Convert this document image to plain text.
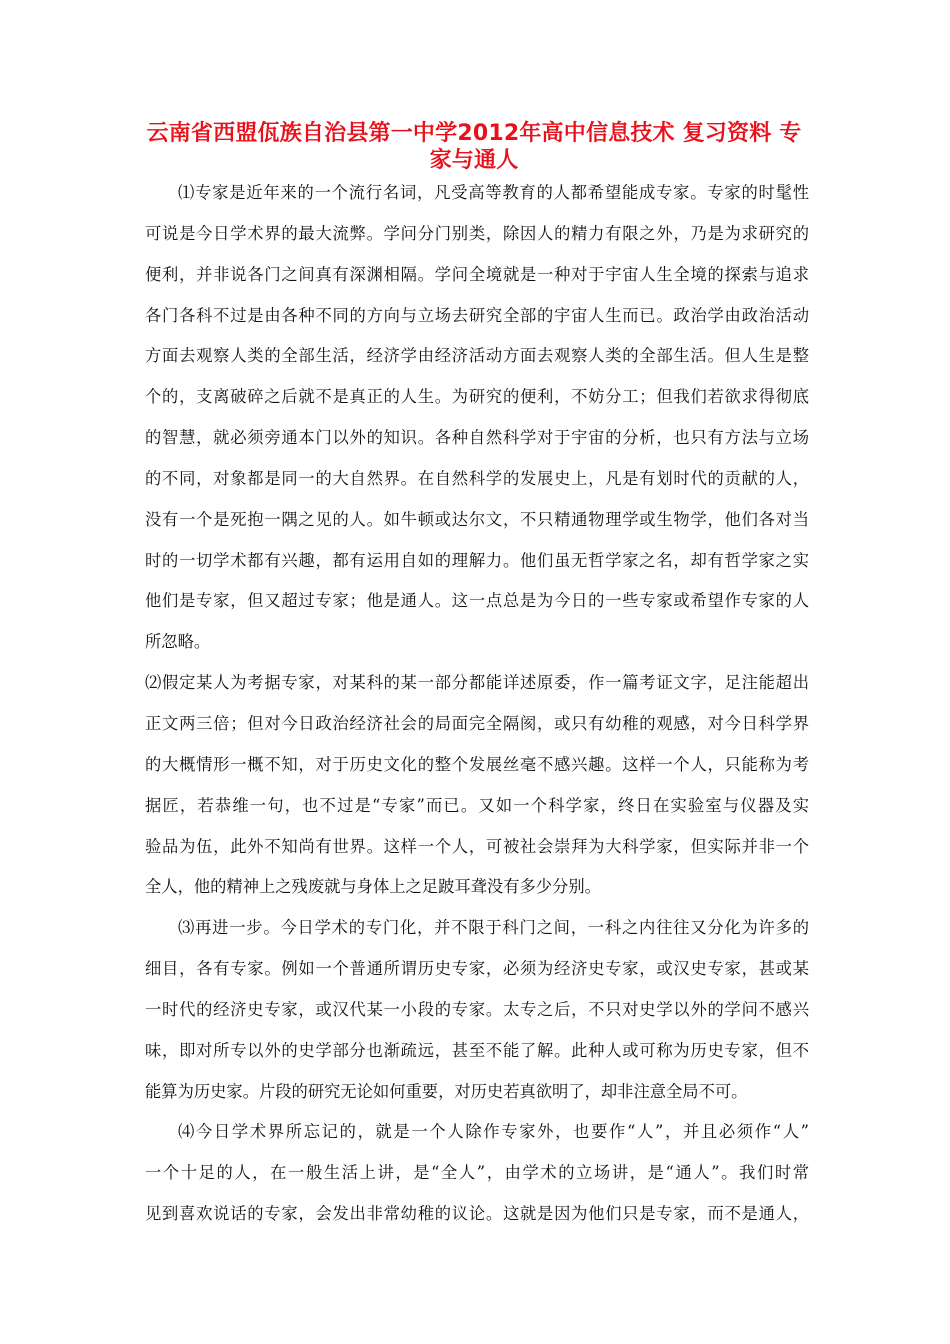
云南省西盟佤族自治县第一中学2012年高中信息技术 复习资料 专
家与通人
⑴专家是近年来的一个流行名词，凡受高等教育的人都希望能成专家。专家的时髦性
可说是今日学术界的最大流弊。学问分门别类，除因人的精力有限之外，乃是为求研究的
便利，并非说各门之间真有深渊相隔。学问全境就是一种对于宇宙人生全境的探索与追求
各门各科不过是由各种不同的方向与立场去研究全部的宇宙人生而已。政治学由政治活动
方面去观察人类的全部生活，经济学由经济活动方面去观察人类的全部生活。但人生是整
个的，支离破碎之后就不是真正的人生。为研究的便利，不妨分工；但我们若欲求得彻底
的智慧，就必须旁通本门以外的知识。各种自然科学对于宇宙的分析，也只有方法与立场
的不同，对象都是同一的大自然界。在自然科学的发展史上，凡是有划时代的贡献的人，
没有一个是死抱一隅之见的人。如牛顿或达尔文，不只精通物理学或生物学，他们各对当
时的一切学术都有兴趣，都有运用自如的理解力。他们虽无哲学家之名，却有哲学家之实
他们是专家，但又超过专家；他是通人。这一点总是为今日的一些专家或希望作专家的人
所忽略。
⑵假定某人为考据专家，对某科的某一部分都能详述原委，作一篇考证文字，足注能超出
正文两三倍；但对今日政治经济社会的局面完全隔阂，或只有幼稚的观感，对今日科学界
的大概情形一概不知，对于历史文化的整个发展丝毫不感兴趣。这样一个人，只能称为考
据匠，若恭维一句，也不过是“专家”而已。又如一个科学家，终日在实验室与仪器及实
验品为伍，此外不知尚有世界。这样一个人，可被社会崇拜为大科学家，但实际并非一个
全人，他的精神上之残废就与身体上之足跛耳聋没有多少分别。
⑶再进一步。今日学术的专门化，并不限于科门之间，一科之内往往又分化为许多的
细目，各有专家。例如一个普通所谓历史专家，必须为经济史专家，或汉史专家，甚或某
一时代的经济史专家，或汉代某一小段的专家。太专之后，不只对史学以外的学问不感兴
味，即对所专以外的史学部分也渐疏远，甚至不能了解。此种人或可称为历史专家，但不
能算为历史家。片段的研究无论如何重要，对历史若真欲明了，却非注意全局不可。
⑷今日学术界所忘记的，就是一个人除作专家外，也要作“人”，并且必须作“人”
一个十足的人，在一般生活上讲，是“全人”，由学术的立场讲，是“通人”。我们时常
见到喜欢说话的专家，会发出非常幼稚的议论。这就是因为他们只是专家，而不是通人，
